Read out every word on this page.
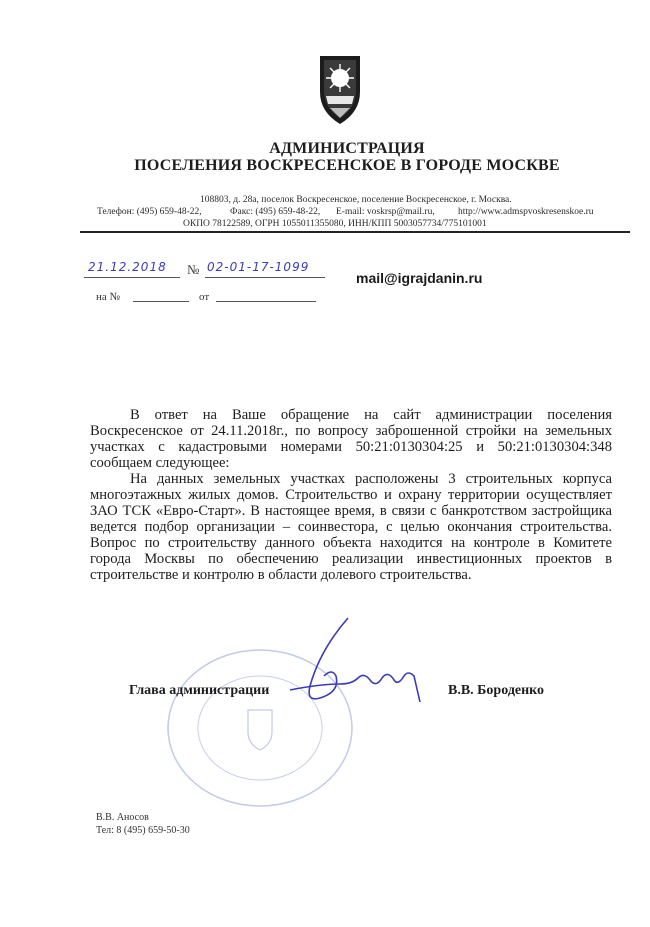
АДМИНИСТРАЦИЯ
ПОСЕЛЕНИЯ ВОСКРЕСЕНСКОЕ В ГОРОДЕ МОСКВЕ
108803, д. 28а, поселок Воскресенское, поселение Воскресенское, г. Москва.
Телефон: (495) 659-48-22,	Факс: (495) 659-48-22, E-mail: voskrsp@mail.ru, http://www.admspvoskresenskoe.ru
ОКПО 78122589, ОГРН 1055011355080, ИНН/КПП 5003057734/775101001
21.12.2018 № 02-01-17-1099
на №	от
mail@igrajdanin.ru

В ответ на Ваше обращение на сайт администрации поселения Воскресенское от 24.11.2018г., по вопросу заброшенной стройки на земельных участках с кадастровыми номерами 50:21:0130304:25 и 50:21:0130304:348 сообщаем следующее:

На данных земельных участках расположены 3 строительных корпуса многоэтажных жилых домов. Строительство и охрану территории осуществляет ЗАО ТСК «Евро-Старт». В настоящее время, в связи с банкротством застройщика ведется подбор организации – соинвестора, с целью окончания строительства. Вопрос по строительству данного объекта находится на контроле в Комитете города Москвы по обеспечению реализации инвестиционных проектов в строительстве и контролю в области долевого строительства.

Глава администрации	В.В. Бороденко
В.В. Аносов
Тел: 8 (495) 659-50-30
